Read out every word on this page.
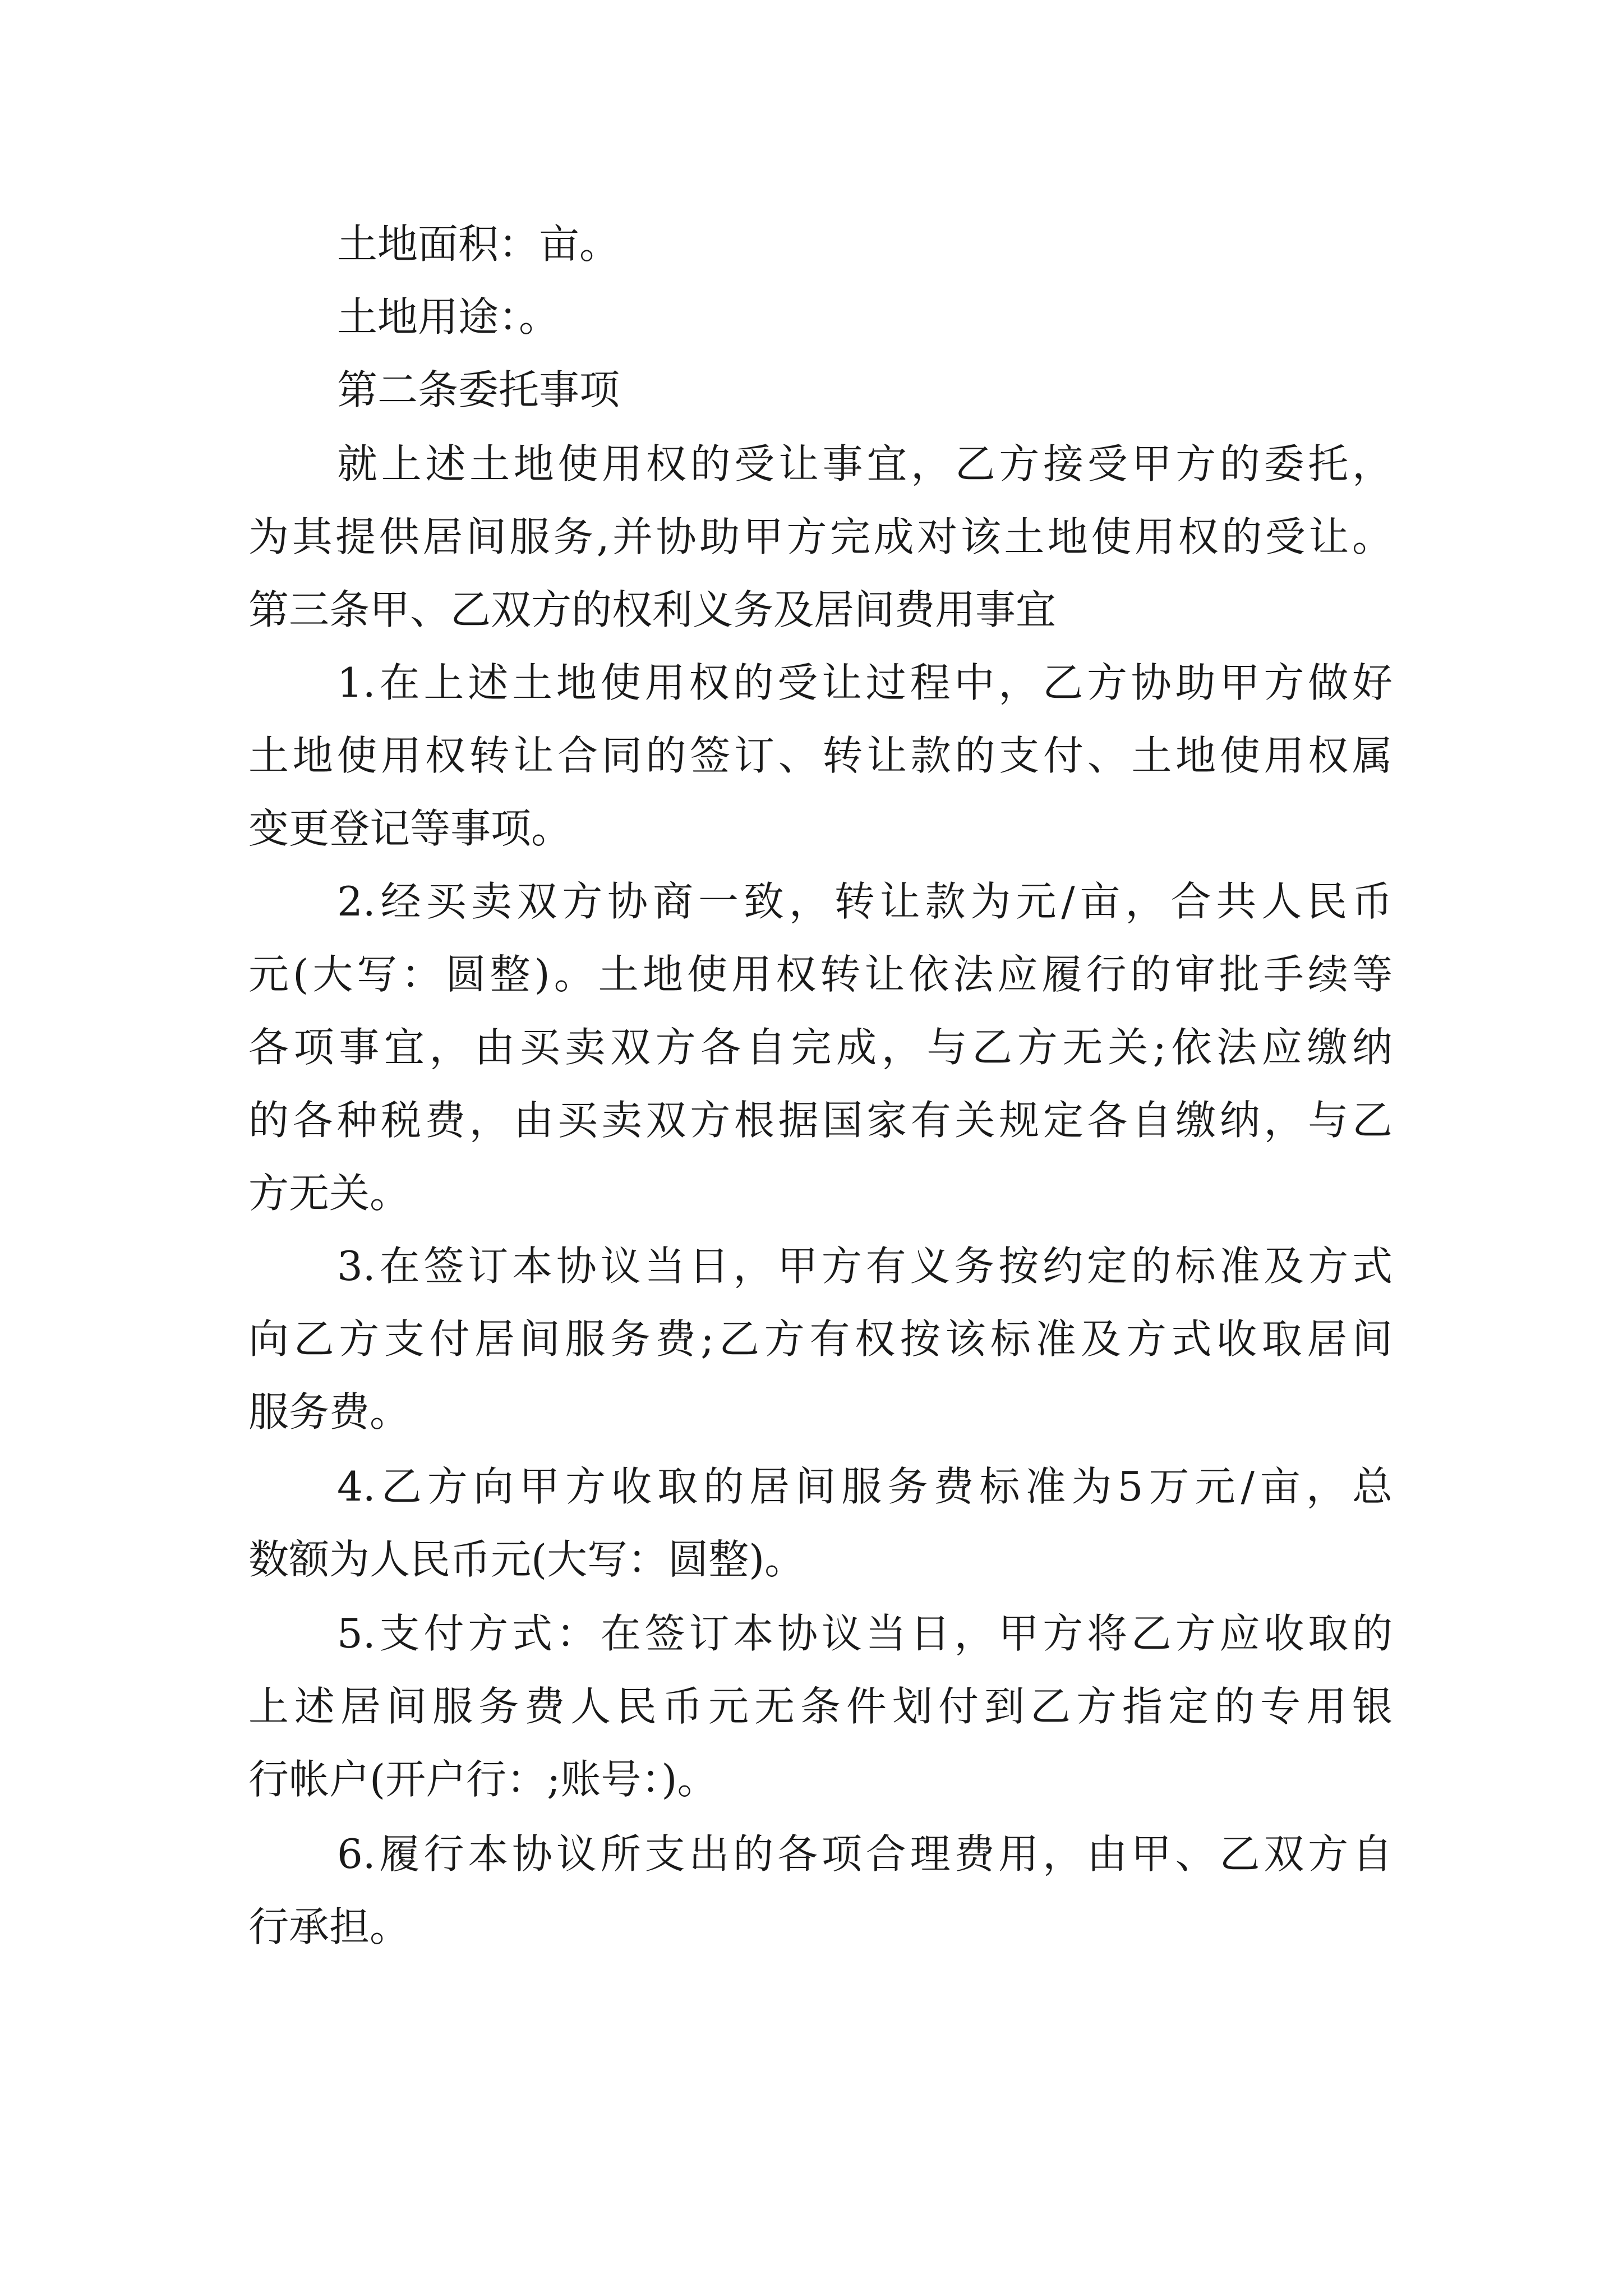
土地面积：亩。

土地用途：。

第二条委托事项

就上述土地使用权的受让事宜，乙方接受甲方的委托，

为其提供居间服务,并协助甲方完成对该土地使用权的受让。

第三条甲、乙双方的权利义务及居间费用事宜

1.在上述土地使用权的受让过程中，乙方协助甲方做好

土地使用权转让合同的签订、转让款的支付、土地使用权属

变更登记等事项。

2.经买卖双方协商一致，转让款为元/亩，合共人民币

元(大写：圆整)。土地使用权转让依法应履行的审批手续等

各项事宜，由买卖双方各自完成，与乙方无关;依法应缴纳

的各种税费，由买卖双方根据国家有关规定各自缴纳，与乙

方无关。

3.在签订本协议当日，甲方有义务按约定的标准及方式

向乙方支付居间服务费;乙方有权按该标准及方式收取居间

服务费。

4.乙方向甲方收取的居间服务费标准为5万元/亩，总

数额为人民币元(大写：圆整)。

5.支付方式：在签订本协议当日，甲方将乙方应收取的

上述居间服务费人民币元无条件划付到乙方指定的专用银

行帐户(开户行：;账号：)。

6.履行本协议所支出的各项合理费用，由甲、乙双方自

行承担。
